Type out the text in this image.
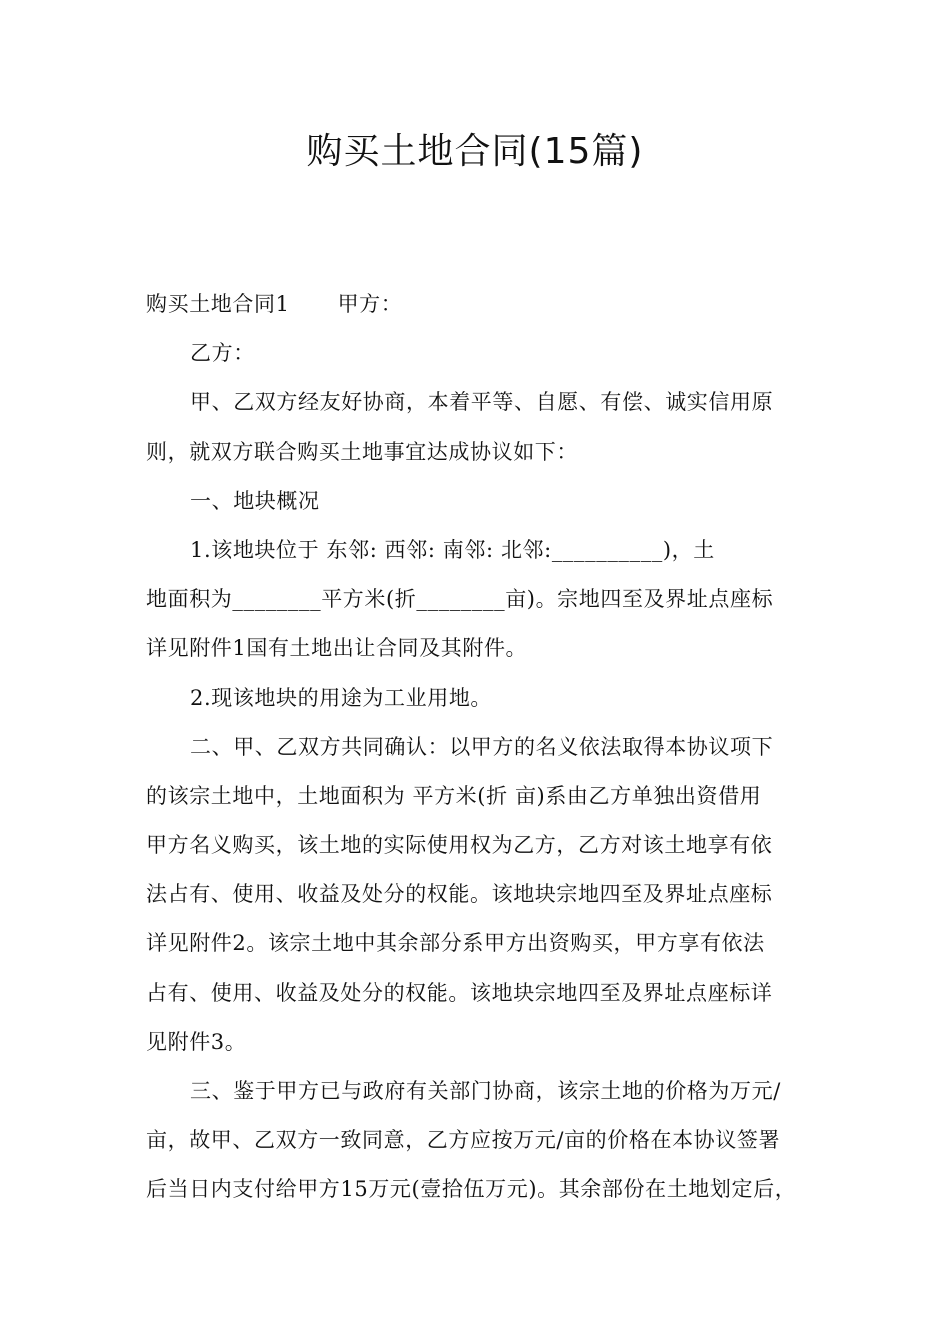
购买土地合同(15篇)
购买土地合同1 甲方：
乙方：
甲、乙双方经友好协商，本着平等、自愿、有偿、诚实信用原
则，就双方联合购买土地事宜达成协议如下：
一、地块概况
1.该地块位于 东邻: 西邻: 南邻: 北邻:__________)，土
地面积为________平方米(折________亩)。宗地四至及界址点座标
详见附件1国有土地出让合同及其附件。
2.现该地块的用途为工业用地。
二、甲、乙双方共同确认：以甲方的名义依法取得本协议项下
的该宗土地中，土地面积为 平方米(折 亩)系由乙方单独出资借用
甲方名义购买，该土地的实际使用权为乙方，乙方对该土地享有依
法占有、使用、收益及处分的权能。该地块宗地四至及界址点座标
详见附件2。该宗土地中其余部分系甲方出资购买，甲方享有依法
占有、使用、收益及处分的权能。该地块宗地四至及界址点座标详
见附件3。
三、鉴于甲方已与政府有关部门协商，该宗土地的价格为万元/
亩，故甲、乙双方一致同意，乙方应按万元/亩的价格在本协议签署
后当日内支付给甲方15万元(壹拾伍万元)。其余部份在土地划定后，
